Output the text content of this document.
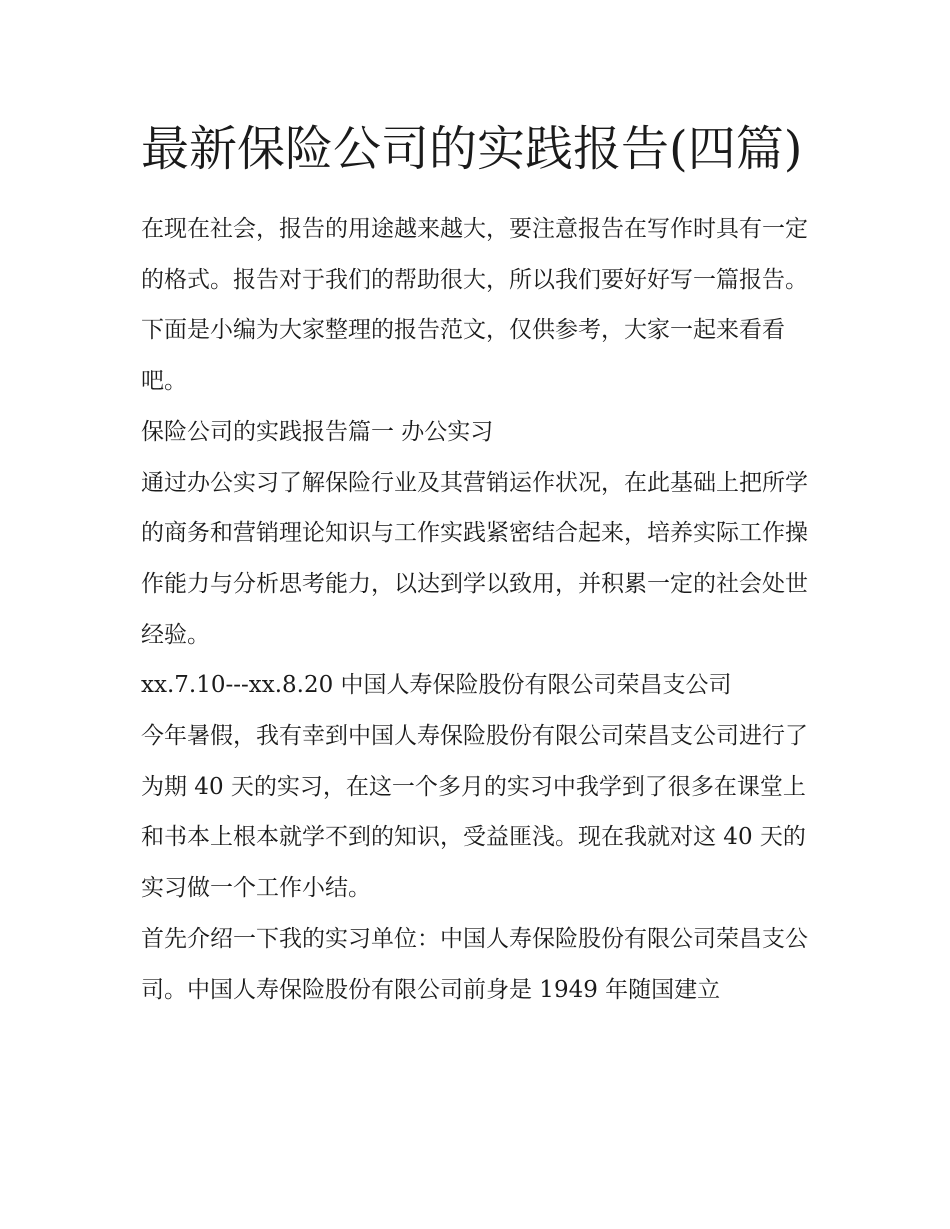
最新保险公司的实践报告(四篇)

在现在社会，报告的用途越来越大，要注意报告在写作时具有一定的格式。报告对于我们的帮助很大，所以我们要好好写一篇报告。下面是小编为大家整理的报告范文，仅供参考，大家一起来看看吧。

保险公司的实践报告篇一 办公实习

通过办公实习了解保险行业及其营销运作状况，在此基础上把所学的商务和营销理论知识与工作实践紧密结合起来，培养实际工作操作能力与分析思考能力，以达到学以致用，并积累一定的社会处世经验。

xx.7.10---xx.8.20 中国人寿保险股份有限公司荣昌支公司

今年暑假，我有幸到中国人寿保险股份有限公司荣昌支公司进行了为期 40 天的实习，在这一个多月的实习中我学到了很多在课堂上和书本上根本就学不到的知识，受益匪浅。现在我就对这 40 天的实习做一个工作小结。

首先介绍一下我的实习单位：中国人寿保险股份有限公司荣昌支公司。中国人寿保险股份有限公司前身是 1949 年随国建立
